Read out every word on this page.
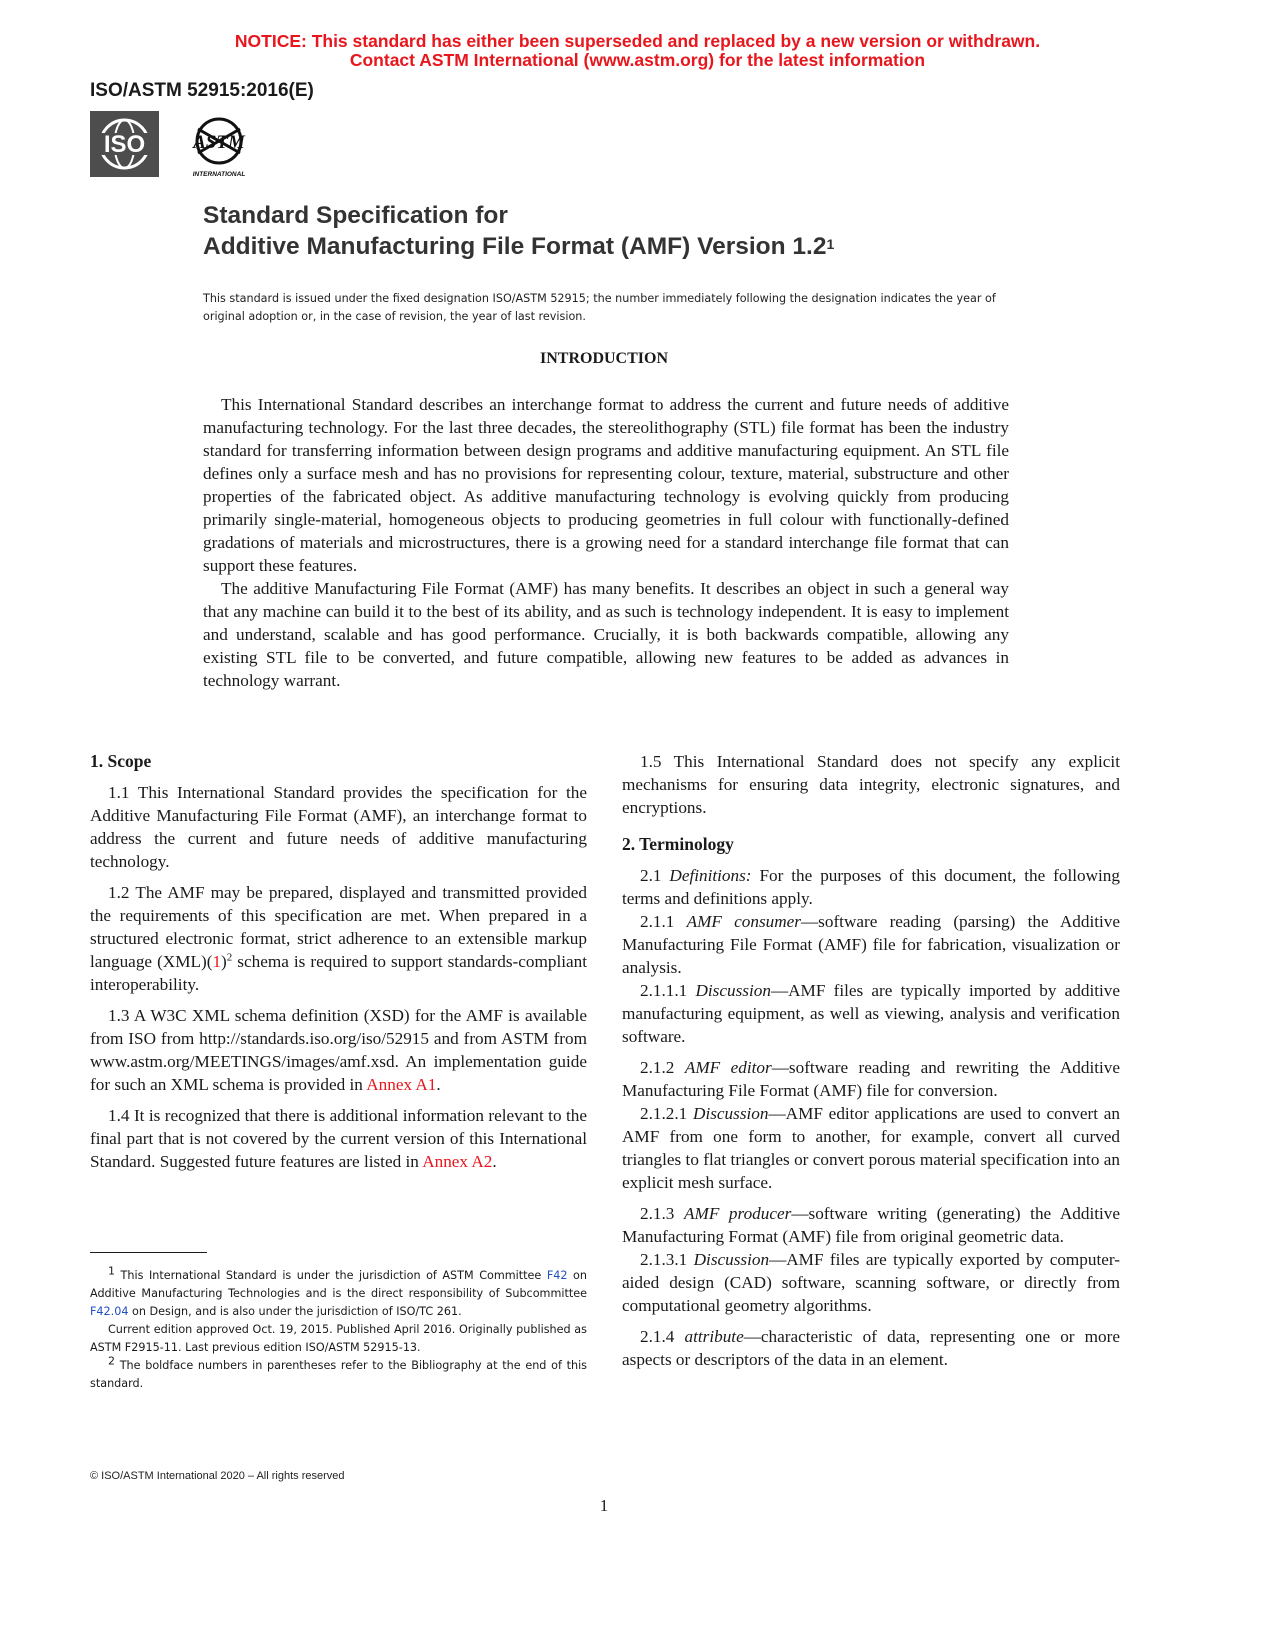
NOTICE: This standard has either been superseded and replaced by a new version or withdrawn.
Contact ASTM International (www.astm.org) for the latest information
ISO/ASTM 52915:2016(E)
ISO	ASTM
INTERNATIONAL
Standard Specification for
Additive Manufacturing File Format (AMF) Version $1.2^1$
This standard is issued under the fixed designation ISO/ASTM 52915; the number immediately following the designation indicates the year of original adoption or, in the case of revision, the year of last revision.
INTRODUCTION

This International Standard describes an interchange format to address the current and future needs of additive manufacturing technology. For the last three decades, the stereolithography (STL) file format has been the industry standard for transferring information between design programs and additive manufacturing equipment. An STL file defines only a surface mesh and has no provisions for representing colour, texture, material, substructure and other properties of the fabricated object. As additive manufacturing technology is evolving quickly from producing primarily single-material, homogeneous objects to producing geometries in full colour with functionally-defined gradations of materials and microstructures, there is a growing need for a standard interchange file format that can support these features.

The additive Manufacturing File Format (AMF) has many benefits. It describes an object in such a general way that any machine can build it to the best of its ability, and as such is technology independent. It is easy to implement and understand, scalable and has good performance. Crucially, it is both backwards compatible, allowing any existing STL file to be converted, and future compatible, allowing new features to be added as advances in technology warrant.

1. Scope

1.1 This International Standard provides the specification for the Additive Manufacturing File Format (AMF), an interchange format to address the current and future needs of additive manufacturing technology.

1.2 The AMF may be prepared, displayed and transmitted provided the requirements of this specification are met. When prepared in a structured electronic format, strict adherence to an extensible markup language $(XML)(1)^2$ schema is required to support standards-compliant interoperability.

1.3 A W3C XML schema definition (XSD) for the AMF is available from ISO from http://standards.iso.org/iso/52915 and from ASTM from www.astm.org/MEETINGS/images/amf.xsd. An implementation guide for such an XML schema is provided in Annex A1.

1.4 It is recognized that there is additional information relevant to the final part that is not covered by the current version of this International Standard. Suggested future features are listed in Annex A2.

$^1$ This International Standard is under the jurisdiction of ASTM Committee F42 on Additive Manufacturing Technologies and is the direct responsibility of Subcommittee F42.04 on Design, and is also under the jurisdiction of ISO/TC 261.

Current edition approved Oct. 19, 2015. Published April 2016. Originally published as ASTM F2915-11. Last previous edition ISO/ASTM 52915-13.

$^2$ The boldface numbers in parentheses refer to the Bibliography at the end of this standard.

1.5 This International Standard does not specify any explicit mechanisms for ensuring data integrity, electronic signatures, and encryptions.

2. Terminology

2.1 Definitions: For the purposes of this document, the following terms and definitions apply.

2.1.1 AMF consumer—software reading (parsing) the Additive Manufacturing File Format (AMF) file for fabrication, visualization or analysis.

2.1.1.1 Discussion—AMF files are typically imported by additive manufacturing equipment, as well as viewing, analysis and verification software.

2.1.2 AMF editor—software reading and rewriting the Additive Manufacturing File Format (AMF) file for conversion.

2.1.2.1 Discussion—AMF editor applications are used to convert an AMF from one form to another, for example, convert all curved triangles to flat triangles or convert porous material specification into an explicit mesh surface.

2.1.3 AMF producer—software writing (generating) the Additive Manufacturing Format (AMF) file from original geometric data.

2.1.3.1 Discussion—AMF files are typically exported by computer-aided design (CAD) software, scanning software, or directly from computational geometry algorithms.

2.1.4 attribute—characteristic of data, representing one or more aspects or descriptors of the data in an element.

© ISO/ASTM International 2020 – All rights reserved
1
